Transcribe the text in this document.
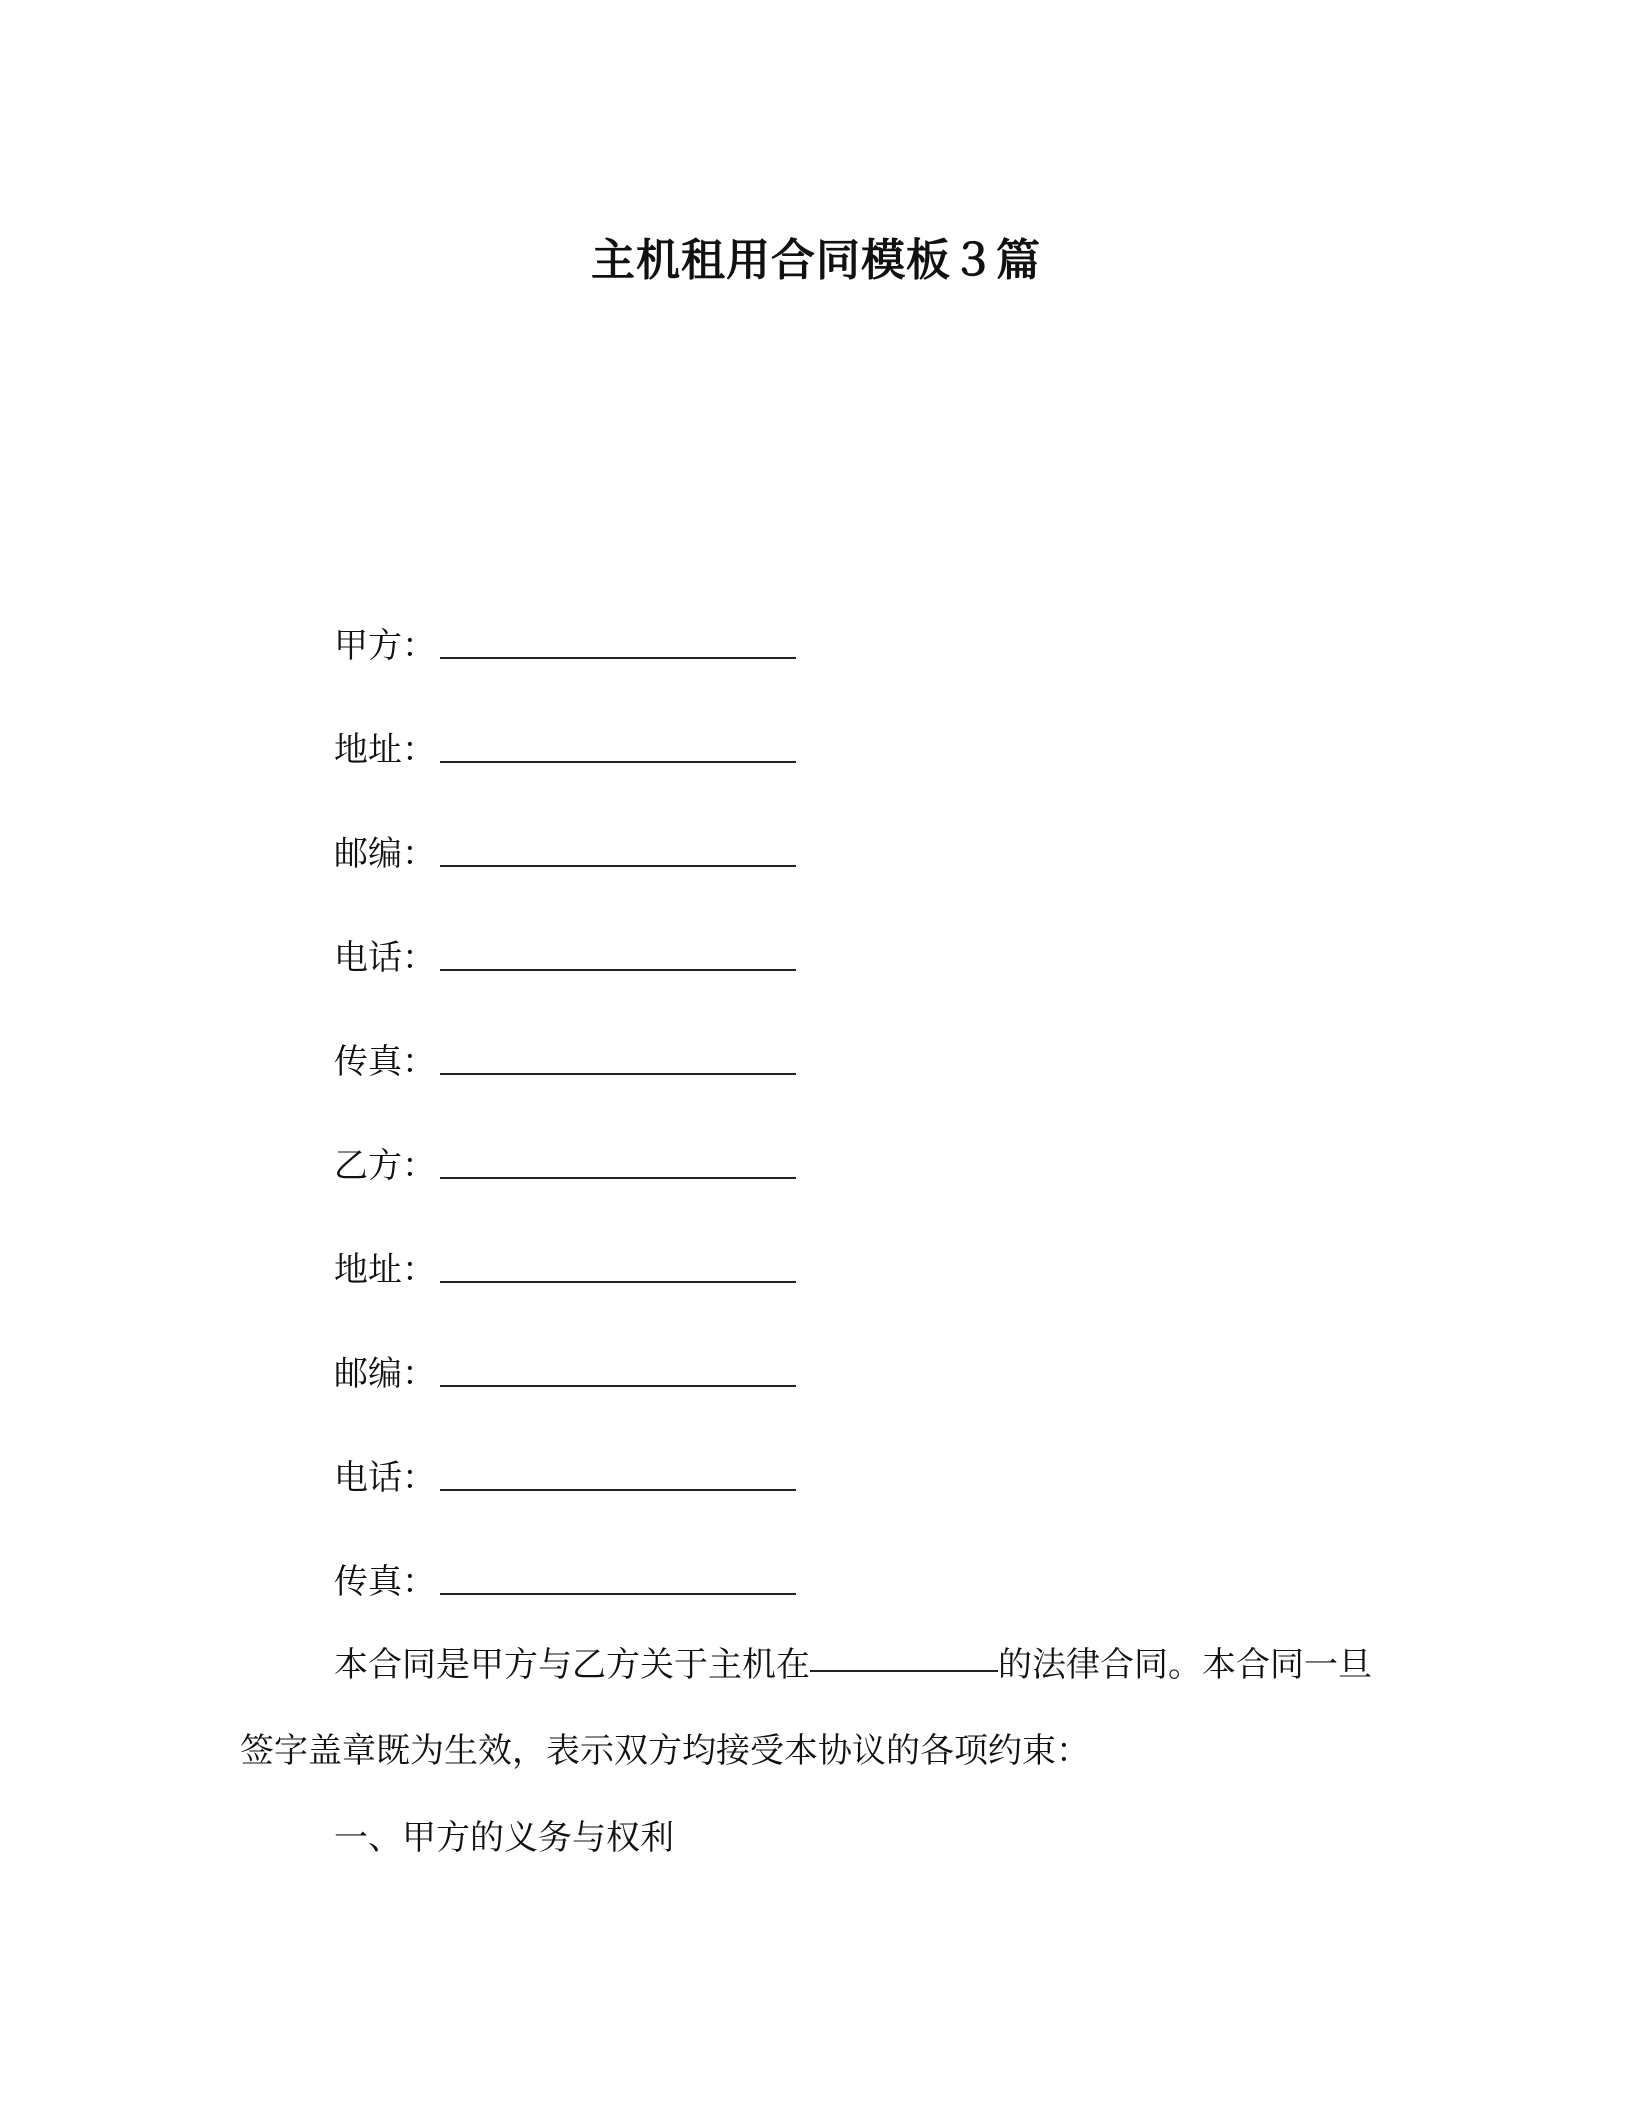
主机租用合同模板３篇
甲方：
地址：
邮编：
电话：
传真：
乙方：
地址：
邮编：
电话：
传真：
本合同是甲方与乙方关于主机在	的法律合同。本合同一旦签字盖章既为生效，表示双方均接受本协议的各项约束：
一、甲方的义务与权利
